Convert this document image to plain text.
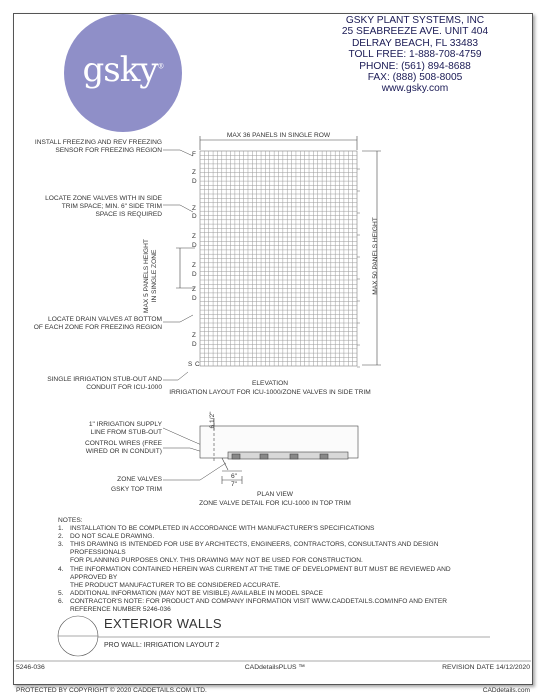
gsky®
GSKY PLANT SYSTEMS, INC
25 SEABREEZE AVE. UNIT 404
DELRAY BEACH, FL 33483
TOLL FREE: 1-888-708-4759
PHONE: (561) 894-8688
FAX: (888) 508-8005
www.gsky.com
MAX 36 PANELS IN SINGLE ROW
MAX 50 PANELS HEIGHT
MAX 5 PANELS HEIGHT IN SINGLE ZONE
F
Z
D
Z
D
Z
D
Z
D
Z
D
Z
D
S C
INSTALL FREEZING AND REV FREEZING
SENSOR FOR FREEZING REGION
LOCATE ZONE VALVES WITH IN SIDE
TRIM SPACE; MIN. 6" SIDE TRIM
SPACE IS REQUIRED
LOCATE DRAIN VALVES AT BOTTOM
OF EACH ZONE FOR FREEZING REGION
SINGLE IRRIGATION STUB-OUT AND
CONDUIT FOR ICU-1000
ELEVATION
IRRIGATION LAYOUT FOR ICU-1000/ZONE VALVES IN SIDE TRIM
1" IRRIGATION SUPPLY
LINE FROM STUB-OUT
CONTROL WIRES (FREE
WIRED OR IN CONDUIT)
ZONE VALVES
GSKY TOP TRIM
6 1/2"
6"
7"
PLAN VIEW
ZONE VALVE DETAIL FOR ICU-1000 IN TOP TRIM
NOTES:
1. INSTALLATION TO BE COMPLETED IN ACCORDANCE WITH MANUFACTURER'S SPECIFICATIONS
2. DO NOT SCALE DRAWING.
3. THIS DRAWING IS INTENDED FOR USE BY ARCHITECTS, ENGINEERS, CONTRACTORS, CONSULTANTS AND DESIGN PROFESSIONALS
FOR PLANNING PURPOSES ONLY. THIS DRAWING MAY NOT BE USED FOR CONSTRUCTION.
4. THE INFORMATION CONTAINED HEREIN WAS CURRENT AT THE TIME OF DEVELOPMENT BUT MUST BE REVIEWED AND APPROVED BY
THE PRODUCT MANUFACTURER TO BE CONSIDERED ACCURATE.
5. ADDITIONAL INFORMATION (MAY NOT BE VISIBLE) AVAILABLE IN MODEL SPACE
6. CONTRACTOR'S NOTE: FOR PRODUCT AND COMPANY INFORMATION VISIT WWW.CADDETAILS.COM/INFO AND ENTER
REFERENCE NUMBER 5246-036
EXTERIOR WALLS
PRO WALL: IRRIGATION LAYOUT 2
5246-036	CADdetailsPLUS ™	REVISION DATE 14/12/2020
PROTECTED BY COPYRIGHT © 2020 CADDETAILS.COM LTD.	CADdetails.com
